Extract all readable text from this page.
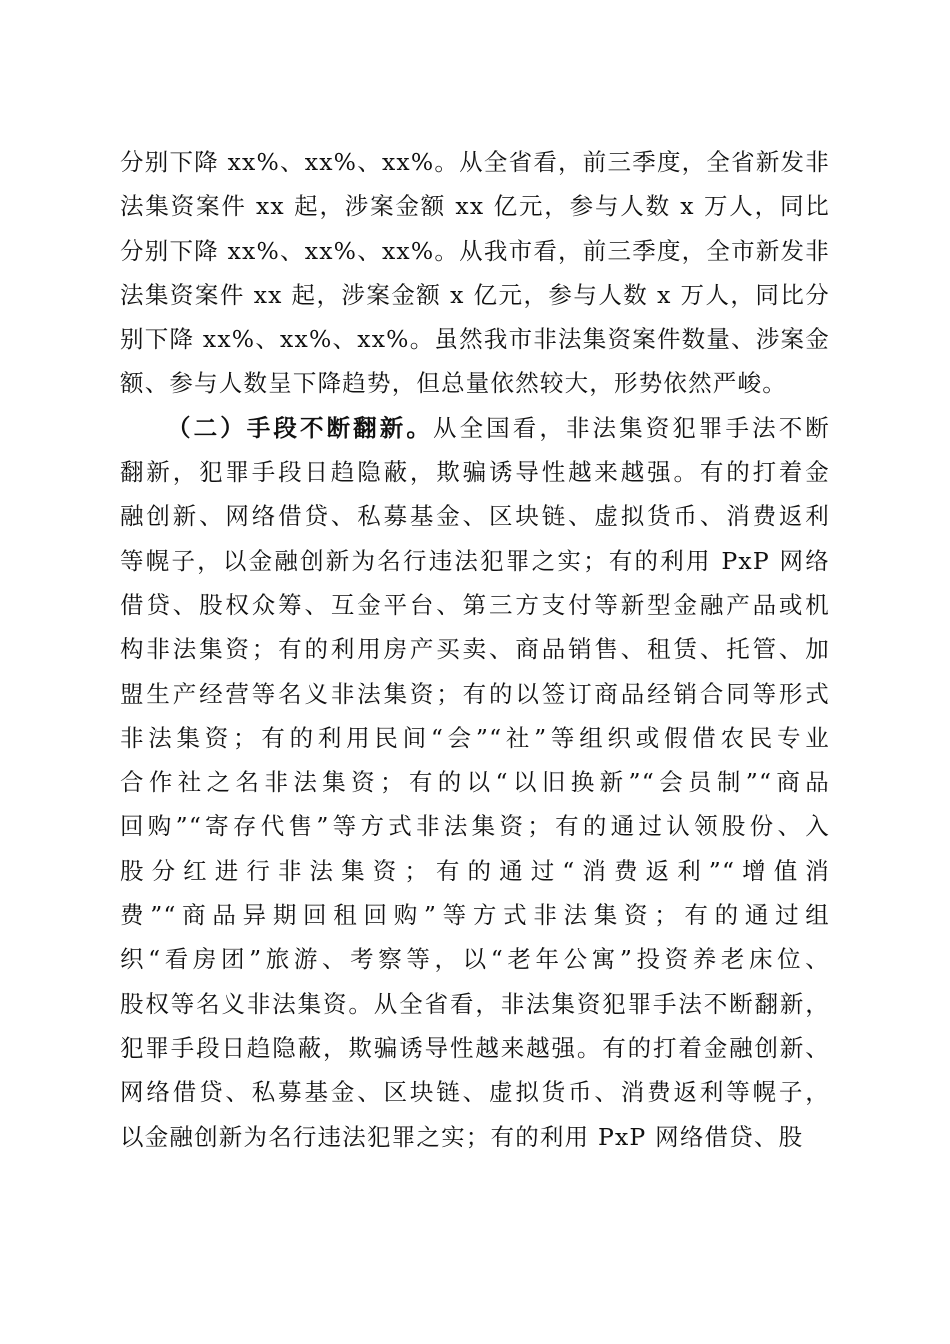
分别下降 xx%、xx%、xx%。从全省看，前三季度，全省新发非
法集资案件 xx 起，涉案金额 xx 亿元，参与人数 x 万人，同比
分别下降 xx%、xx%、xx%。从我市看，前三季度，全市新发非
法集资案件 xx 起，涉案金额 x 亿元，参与人数 x 万人，同比分
别下降 xx%、xx%、xx%。虽然我市非法集资案件数量、涉案金
额、参与人数呈下降趋势，但总量依然较大，形势依然严峻。
（二）手段不断翻新。从全国看，非法集资犯罪手法不断
翻新，犯罪手段日趋隐蔽，欺骗诱导性越来越强。有的打着金
融创新、网络借贷、私募基金、区块链、虚拟货币、消费返利
等幌子，以金融创新为名行违法犯罪之实；有的利用 PxP 网络
借贷、股权众筹、互金平台、第三方支付等新型金融产品或机
构非法集资；有的利用房产买卖、商品销售、租赁、托管、加
盟生产经营等名义非法集资；有的以签订商品经销合同等形式
非法集资；有的利用民间“会”“社”等组织或假借农民专业
合作社之名非法集资；有的以“以旧换新”“会员制”“商品
回购”“寄存代售”等方式非法集资；有的通过认领股份、入
股分红进行非法集资；有的通过“消费返利”“增值消
费”“商品异期回租回购”等方式非法集资；有的通过组
织“看房团”旅游、考察等，以“老年公寓”投资养老床位、
股权等名义非法集资。从全省看，非法集资犯罪手法不断翻新，
犯罪手段日趋隐蔽，欺骗诱导性越来越强。有的打着金融创新、
网络借贷、私募基金、区块链、虚拟货币、消费返利等幌子，
以金融创新为名行违法犯罪之实；有的利用 PxP 网络借贷、股
